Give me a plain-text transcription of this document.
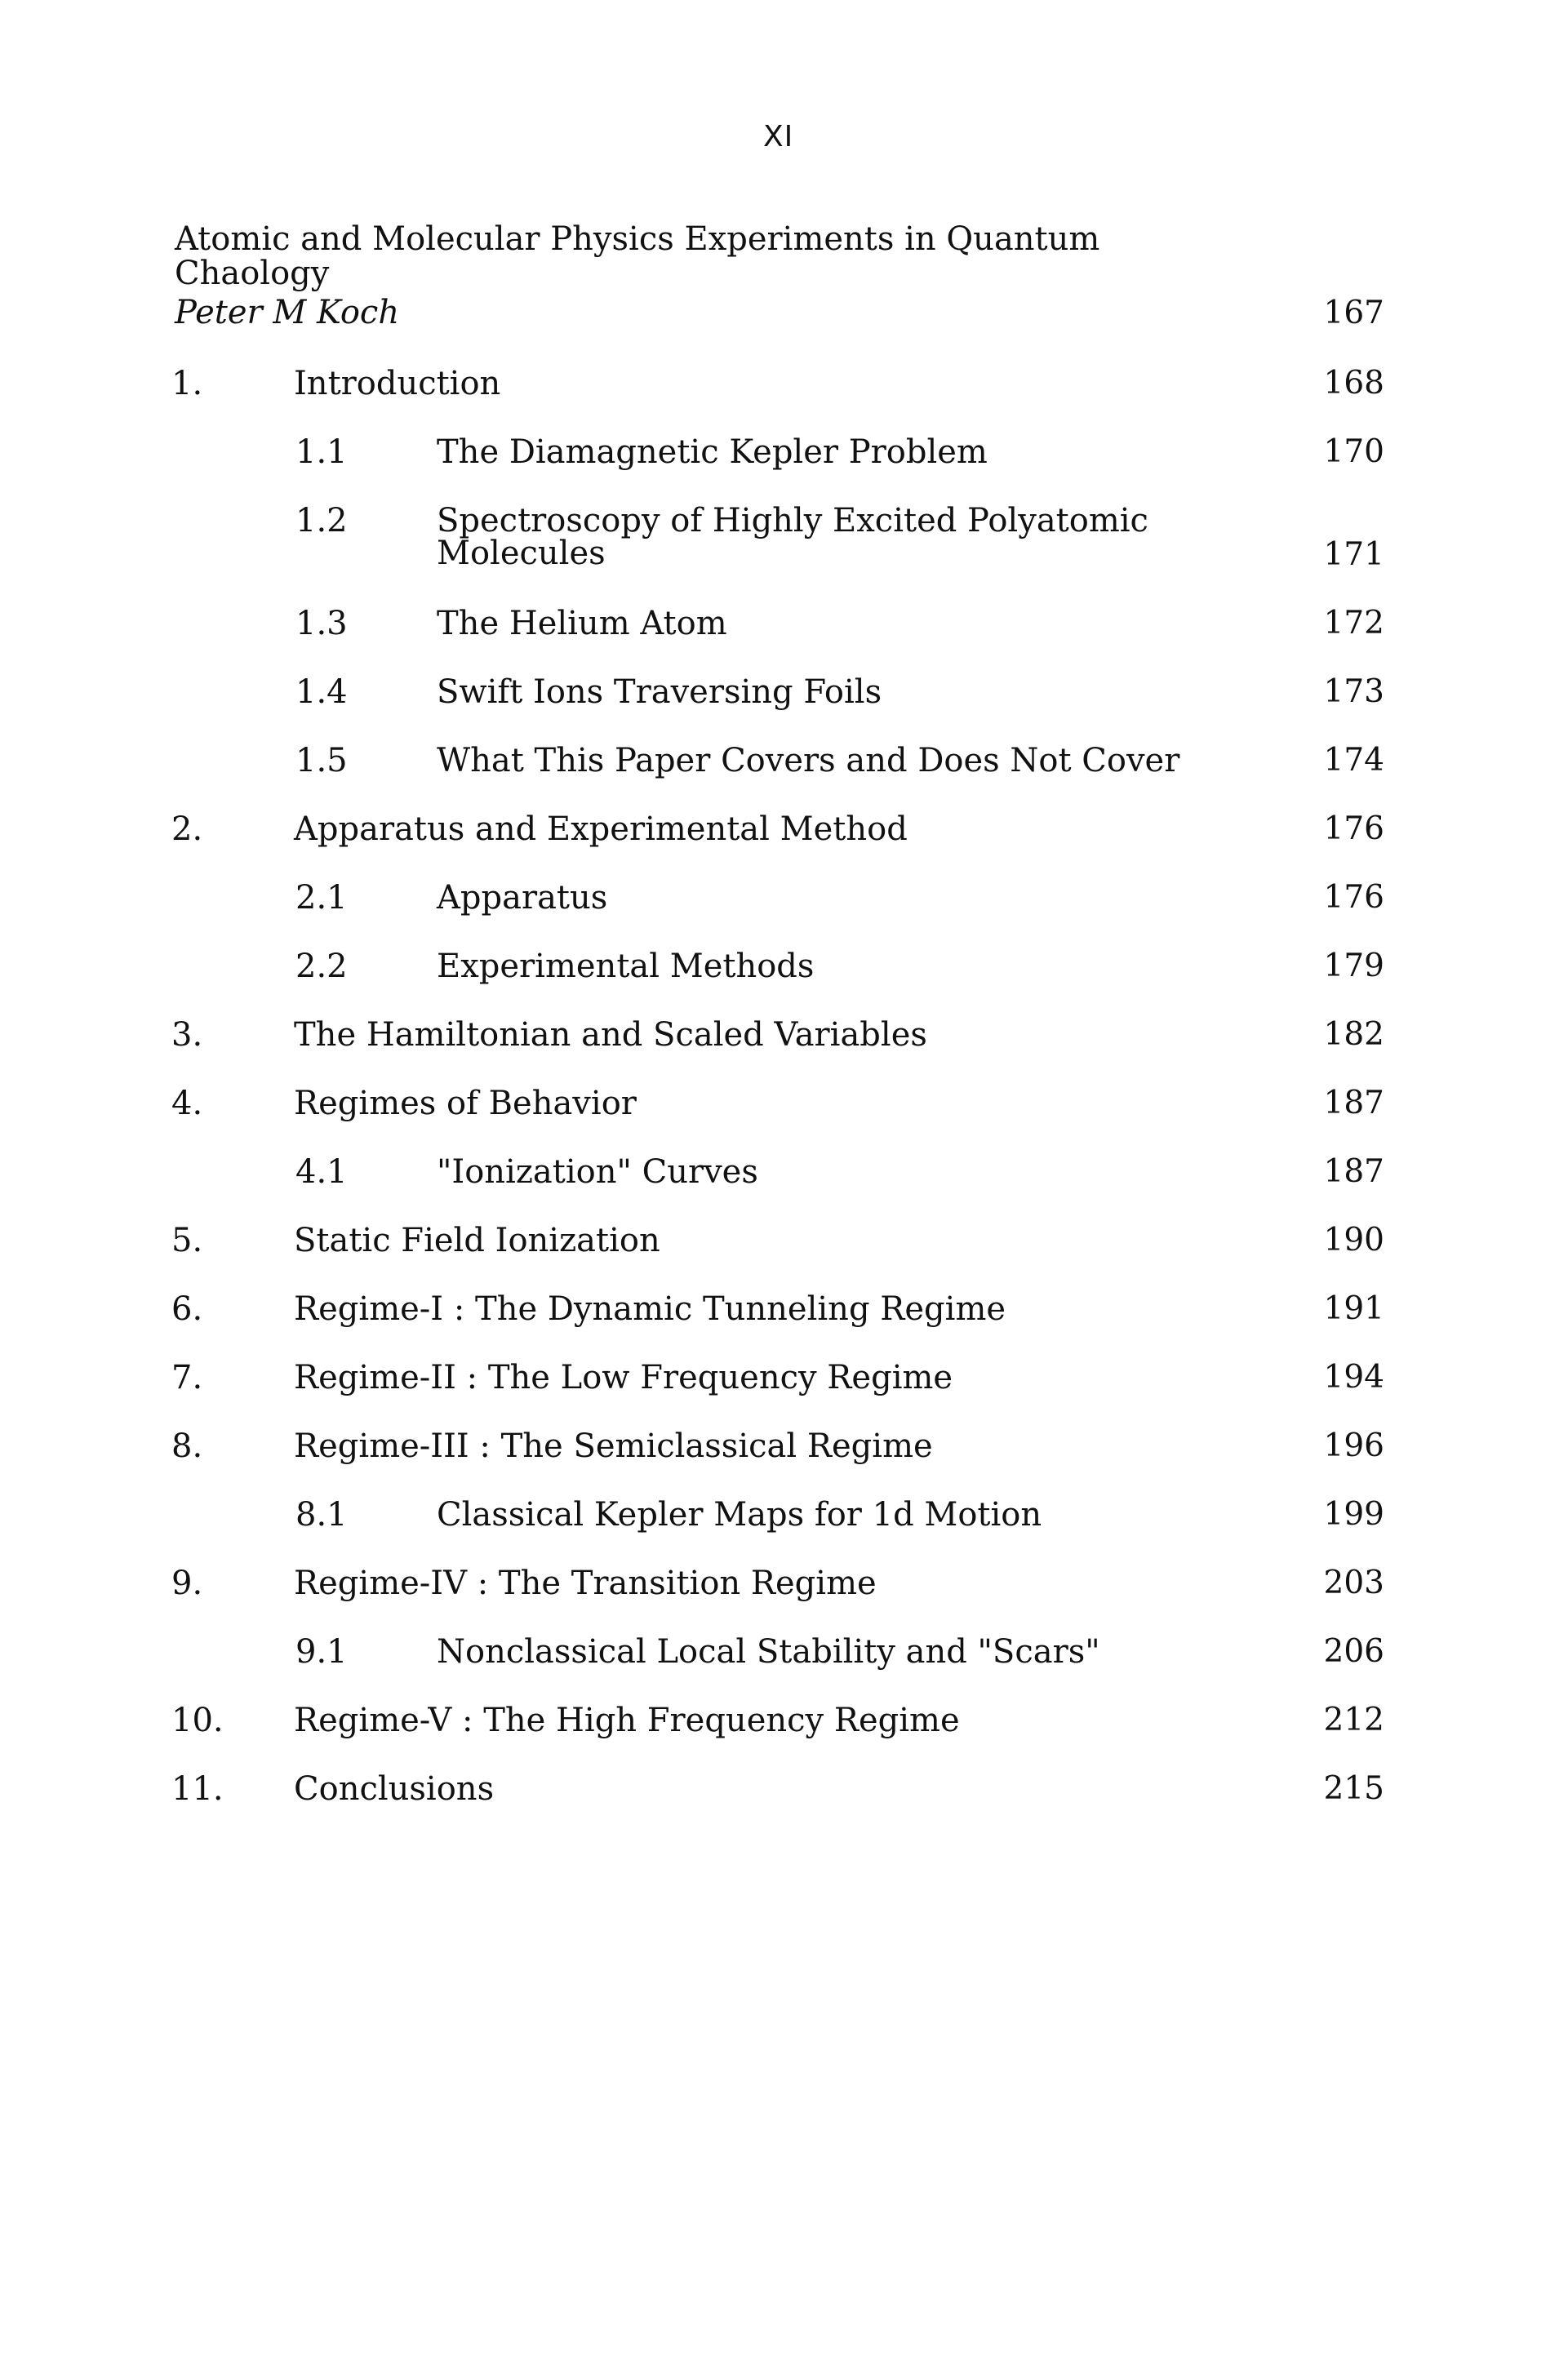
XI
Atomic and Molecular Physics Experiments in Quantum
Chaology
Peter M Koch	167
1.	Introduction	168
1.1	The Diamagnetic Kepler Problem	170
1.2	Spectroscopy of Highly Excited Polyatomic
Molecules	171
1.3	The Helium Atom	172
1.4	Swift Ions Traversing Foils	173
1.5	What This Paper Covers and Does Not Cover	174
2.	Apparatus and Experimental Method	176
2.1	Apparatus	176
2.2	Experimental Methods	179
3.	The Hamiltonian and Scaled Variables	182
4.	Regimes of Behavior	187
4.1	"Ionization" Curves	187
5.	Static Field Ionization	190
6.	Regime-I : The Dynamic Tunneling Regime	191
7.	Regime-II : The Low Frequency Regime	194
8.	Regime-III : The Semiclassical Regime	196
8.1	Classical Kepler Maps for 1d Motion	199
9.	Regime-IV : The Transition Regime	203
9.1	Nonclassical Local Stability and "Scars"	206
10. Regime-V : The High Frequency Regime	212
11. Conclusions	215
